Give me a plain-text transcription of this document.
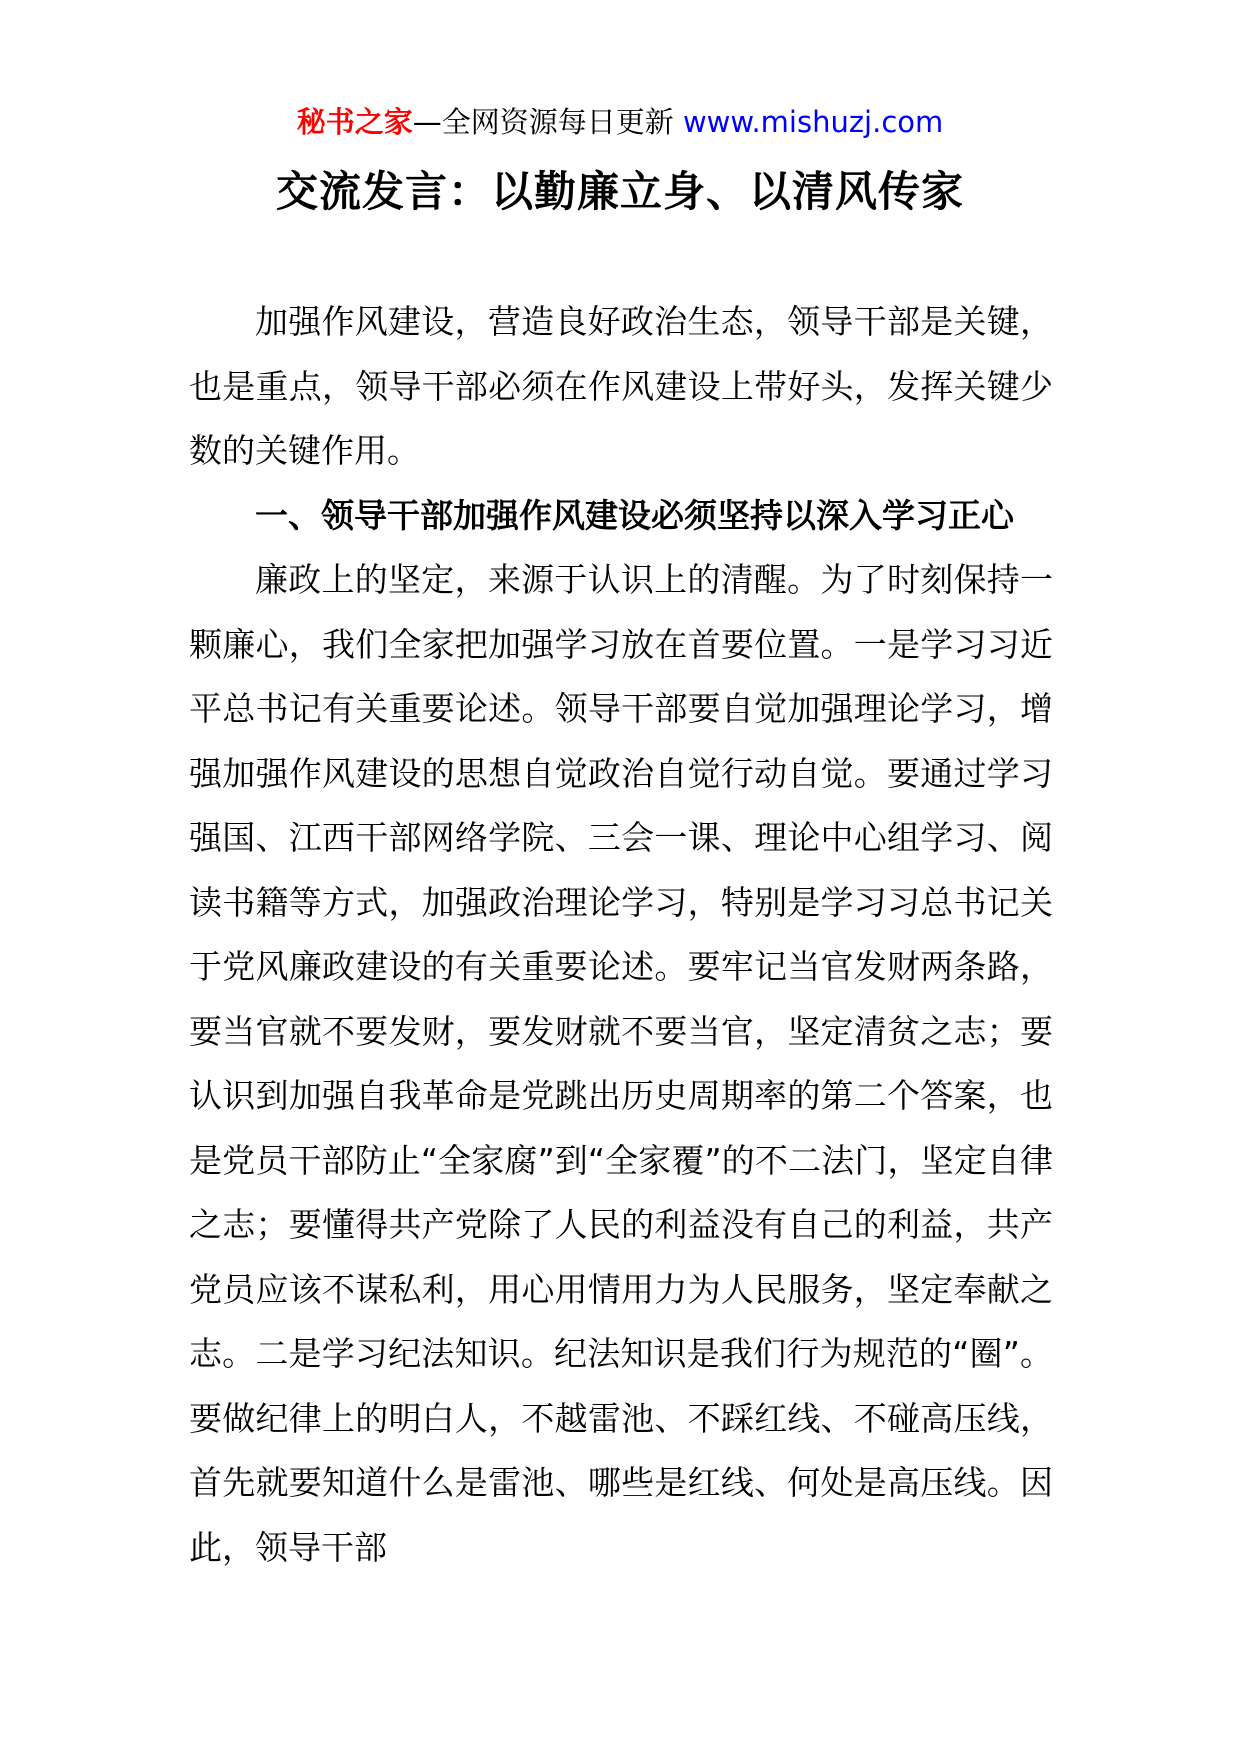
秘书之家—全网资源每日更新 www.mishuzj.com
交流发言：以勤廉立身、以清风传家

加强作风建设，营造良好政治生态，领导干部是关键，也是重点，领导干部必须在作风建设上带好头，发挥关键少数的关键作用。

一、领导干部加强作风建设必须坚持以深入学习正心

廉政上的坚定，来源于认识上的清醒。为了时刻保持一颗廉心，我们全家把加强学习放在首要位置。一是学习习近平总书记有关重要论述。领导干部要自觉加强理论学习，增强加强作风建设的思想自觉政治自觉行动自觉。要通过学习强国、江西干部网络学院、三会一课、理论中心组学习、阅读书籍等方式，加强政治理论学习，特别是学习习总书记关于党风廉政建设的有关重要论述。要牢记当官发财两条路，要当官就不要发财，要发财就不要当官，坚定清贫之志；要认识到加强自我革命是党跳出历史周期率的第二个答案，也是党员干部防止“全家腐”到“全家覆”的不二法门，坚定自律之志；要懂得共产党除了人民的利益没有自己的利益，共产党员应该不谋私利，用心用情用力为人民服务，坚定奉献之志。二是学习纪法知识。纪法知识是我们行为规范的“圈”。要做纪律上的明白人，不越雷池、不踩红线、不碰高压线，首先就要知道什么是雷池、哪些是红线、何处是高压线。因此，领导干部
